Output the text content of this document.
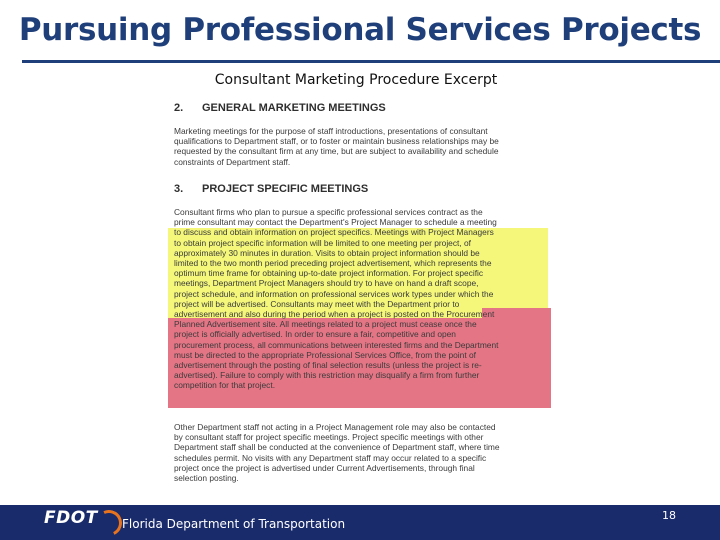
Pursuing Professional Services Projects
Consultant Marketing Procedure Excerpt
2. GENERAL MARKETING MEETINGS
Marketing meetings for the purpose of staff introductions, presentations of consultant
qualifications to Department staff, or to foster or maintain business relationships may be
requested by the consultant firm at any time, but are subject to availability and schedule
constraints of Department staff.
3. PROJECT SPECIFIC MEETINGS
Consultant firms who plan to pursue a specific professional services contract as the
prime consultant may contact the Department's Project Manager to schedule a meeting
to discuss and obtain information on project specifics. Meetings with Project Managers
to obtain project specific information will be limited to one meeting per project, of
approximately 30 minutes in duration. Visits to obtain project information should be
limited to the two month period preceding project advertisement, which represents the
optimum time frame for obtaining up-to-date project information. For project specific
meetings, Department Project Managers should try to have on hand a draft scope,
project schedule, and information on professional services work types under which the
project will be advertised. Consultants may meet with the Department prior to
advertisement and also during the period when a project is posted on the Procurement
Planned Advertisement site. All meetings related to a project must cease once the
project is officially advertised. In order to ensure a fair, competitive and open
procurement process, all communications between interested firms and the Department
must be directed to the appropriate Professional Services Office, from the point of
advertisement through the posting of final selection results (unless the project is re-
advertised). Failure to comply with this restriction may disqualify a firm from further
competition for that project.
Other Department staff not acting in a Project Management role may also be contacted
by consultant staff for project specific meetings. Project specific meetings with other
Department staff shall be conducted at the convenience of Department staff, where time
schedules permit. No visits with any Department staff may occur related to a specific
project once the project is advertised under Current Advertisements, through final
selection posting.
FDOT Florida Department of Transportation
18
